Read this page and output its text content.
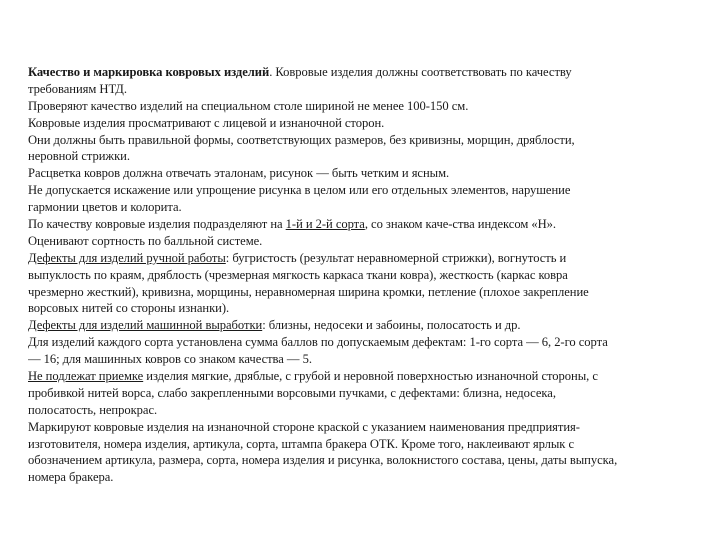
Качество и маркировка ковровых изделий. Ковровые изделия должны соответствовать по качеству
требованиям НТД.
Проверяют качество изделий на специальном столе шириной не менее 100-150 см.
Ковровые изделия просматривают с лицевой и изнаночной сторон.
Они должны быть правильной формы, соответствующих размеров, без кривизны, морщин, дряблости,
неровной стрижки.
Расцветка ковров должна отвечать эталонам, рисунок — быть четким и ясным.
Не допускается искажение или упрощение рисунка в целом или его отдельных элементов, нарушение
гармонии цветов и колорита.
По качеству ковровые изделия подразделяют на 1-й и 2-й сорта, со знаком каче-ства индексом «Н».
Оценивают сортность по балльной системе.
Дефекты для изделий ручной работы: бугристость (результат неравномерной стрижки), вогнутость и
выпуклость по краям, дряблость (чрезмерная мягкость каркаса ткани ковра), жесткость (каркас ковра
чрезмерно жесткий), кривизна, морщины, неравномерная ширина кромки, петление (плохое закрепление
ворсовых нитей со стороны изнанки).
Дефекты для изделий машинной выработки: близны, недосеки и забоины, полосатость и др.
Для изделий каждого сорта установлена сумма баллов по допускаемым дефектам: 1-го сорта — 6, 2-го сорта
— 16; для машинных ковров со знаком качества — 5.
Не подлежат приемке изделия мягкие, дряблые, с грубой и неровной поверхностью изнаночной стороны, с
пробивкой нитей ворса, слабо закрепленными ворсовыми пучками, с дефектами: близна, недосека,
полосатость, непрокрас.
Маркируют ковровые изделия на изнаночной стороне краской с указанием наименования предприятия-
изготовителя, номера изделия, артикула, сорта, штампа бракера ОТК. Кроме того, наклеивают ярлык с
обозначением артикула, размера, сорта, номера изделия и рисунка, волокнистого состава, цены, даты выпуска,
номера бракера.
